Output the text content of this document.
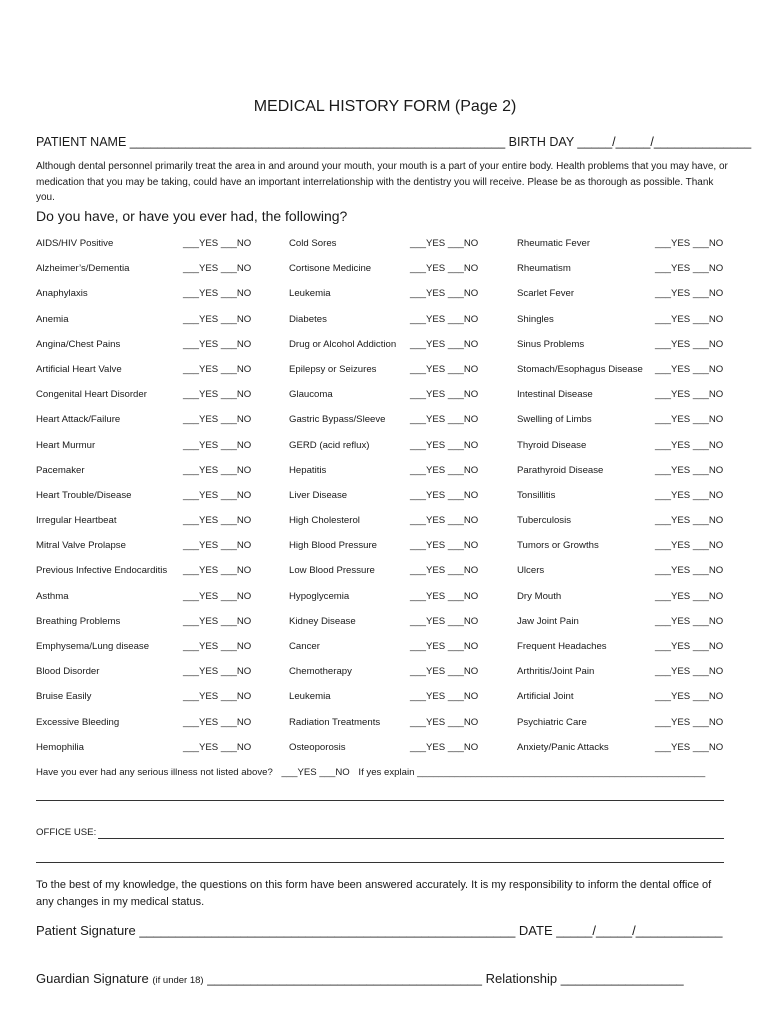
MEDICAL HISTORY FORM (Page 2)
PATIENT NAME ______________________________________________________ BIRTH DAY _____/_____/______________
Although dental personnel primarily treat the area in and around your mouth, your mouth is a part of your entire body. Health problems that you may have, or medication that you may be taking, could have an important interrelationship with the dentistry you will receive. Please be as thorough as possible. Thank you.
Do you have, or have you ever had, the following?
AIDS/HIV Positive	___YES ___NO	Cold Sores	___YES ___NO	Rheumatic Fever	___YES ___NO
Alzheimer’s/Dementia	___YES ___NO	Cortisone Medicine	___YES ___NO	Rheumatism	___YES ___NO
Anaphylaxis	___YES ___NO	Leukemia	___YES ___NO	Scarlet Fever	___YES ___NO
Anemia	___YES ___NO	Diabetes	___YES ___NO	Shingles	___YES ___NO
Angina/Chest Pains	___YES ___NO	Drug or Alcohol Addiction ___YES ___NO	Sinus Problems	___YES ___NO
Artificial Heart Valve	___YES ___NO	Epilepsy or Seizures	___YES ___NO	Stomach/Esophagus Disease ___YES ___NO
Congenital Heart Disorder	___YES ___NO	Glaucoma	___YES ___NO	Intestinal Disease	___YES ___NO
Heart Attack/Failure	___YES ___NO	Gastric Bypass/Sleeve	___YES ___NO	Swelling of Limbs	___YES ___NO
Heart Murmur	___YES ___NO	GERD (acid reflux)	___YES ___NO	Thyroid Disease	___YES ___NO
Pacemaker	___YES ___NO	Hepatitis	___YES ___NO	Parathyroid Disease	___YES ___NO
Heart Trouble/Disease	___YES ___NO	Liver Disease	___YES ___NO	Tonsillitis	___YES ___NO
Irregular Heartbeat	___YES ___NO	High Cholesterol	___YES ___NO	Tuberculosis	___YES ___NO
Mitral Valve Prolapse	___YES ___NO	High Blood Pressure	___YES ___NO	Tumors or Growths	___YES ___NO
Previous Infective Endocarditis ___YES ___NO	Low Blood Pressure	___YES ___NO	Ulcers	___YES ___NO
Asthma	___YES ___NO	Hypoglycemia	___YES ___NO	Dry Mouth	___YES ___NO
Breathing Problems	___YES ___NO	Kidney Disease	___YES ___NO	Jaw Joint Pain	___YES ___NO
Emphysema/Lung disease	___YES ___NO	Cancer	___YES ___NO	Frequent Headaches	___YES ___NO
Blood Disorder	___YES ___NO	Chemotherapy	___YES ___NO	Arthritis/Joint Pain	___YES ___NO
Bruise Easily	___YES ___NO	Leukemia	___YES ___NO	Artificial Joint	___YES ___NO
Excessive Bleeding	___YES ___NO	Radiation Treatments	___YES ___NO	Psychiatric Care	___YES ___NO
Hemophilia	___YES ___NO	Osteoporosis	___YES ___NO	Anxiety/Panic Attacks	___YES ___NO
Have you ever had any serious illness not listed above? ___YES ___NO If yes explain ______________________________________________________
OFFICE USE:
To the best of my knowledge, the questions on this form have been answered accurately. It is my responsibility to inform the dental office of any changes in my medical status.
Patient Signature ____________________________________________________ DATE _____/_____/____________
Guardian Signature (if under 18) ______________________________________ Relationship _________________
